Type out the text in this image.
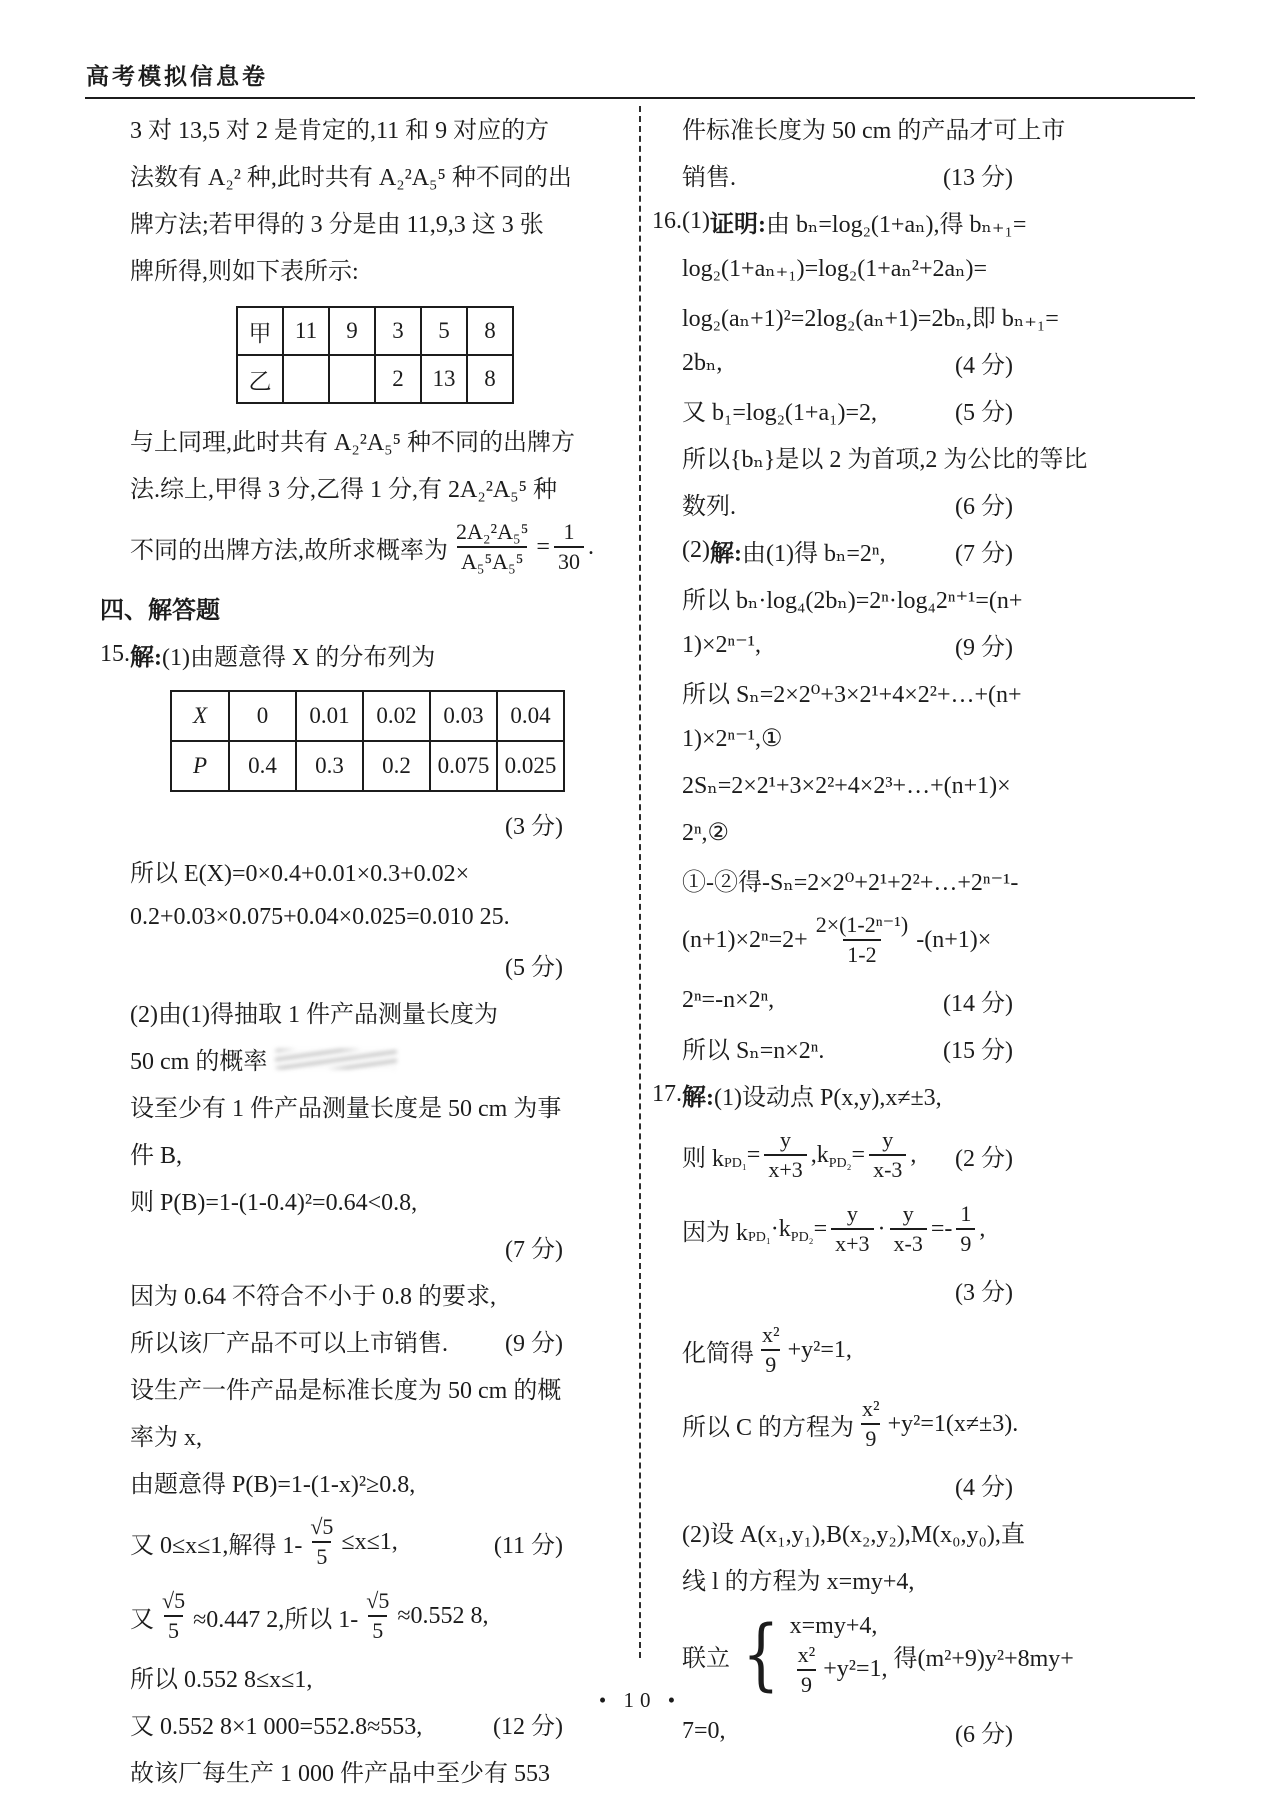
高考模拟信息卷
3 对 13,5 对 2 是肯定的,11 和 9 对应的方
法数有 A₂² 种,此时共有 A₂²A₅⁵ 种不同的出
牌方法;若甲得的 3 分是由 11,9,3 这 3 张
牌所得,则如下表所示:
甲	11	9	3	5	8
乙			2	13	8
与上同理,此时共有 A₂²A₅⁵ 种不同的出牌方
法.综上,甲得 3 分,乙得 1 分,有 2A₂²A₅⁵ 种
不同的出牌方法,故所求概率为 $\frac{\text{2A₂²A₅⁵}}{\text{A₅⁵A₅⁵}} = \frac{1}{30}$ .
四、解答题
15. 解: (1)由题意得 X 的分布列为
X	0	0.01	0.02	0.03	0.04
P	0.4	0.3	0.2	0.075	0.025
(3 分)
所以 E(X)=0×0.4+0.01×0.3+0.02×
0.2+0.03×0.075+0.04×0.025=0.010 25.
(5 分)
(2)由(1)得抽取 1 件产品测量长度为
50 cm 的概率
设至少有 1 件产品测量长度是 50 cm 为事
件 B,
则 P(B)=1-(1-0.4)²=0.64<0.8,
(7 分)
因为 0.64 不符合不小于 0.8 的要求,
所以该厂产品不可以上市销售. (9 分)
设生产一件产品是标准长度为 50 cm 的概
率为 x,
由题意得 P(B)=1-(1-x)²≥0.8,
又 0≤x≤1,解得 $1- \frac{√5}{5} \le x\le 1$,	(11 分)
又 $\frac{√5}{5} \approx 0.447$ 2,所以 $1- \frac{√5}{5} \approx 0.552$ 8,
所以 0.552 8≤x≤1,
又 0.552 8×1 000=552.8≈553,	(12 分)
故该厂每生产 1 000 件产品中至少有 553
件标准长度为 50 cm 的产品才可上市
销售.	(13 分)
16.(1) 证明: 由 bₙ=log₂(1+aₙ),得 bₙ₊₁=
log₂(1+aₙ₊₁)=log₂(1+aₙ²+2aₙ)=
log₂(aₙ+1)²=2log₂(aₙ+1)=2bₙ,即 bₙ₊₁=
2bₙ,	(4 分)
又 b₁=log₂(1+a₁)=2,	(5 分)
所以{bₙ}是以 2 为首项,2 为公比的等比
数列.	(6 分)
(2) 解: 由(1)得 bₙ=2ⁿ,	(7 分)
所以 bₙ·log₄(2bₙ)=2ⁿ·log₄2ⁿ⁺¹=(n+
1)×2ⁿ⁻¹,	(9 分)
所以 Sₙ=2×2⁰+3×2¹+4×2²+…+(n+
1)×2ⁿ⁻¹,①
2Sₙ=2×2¹+3×2²+4×2³+…+(n+1)×
2ⁿ,②
①-②得-Sₙ=2×2⁰+2¹+2²+…+2ⁿ⁻¹-
$(n+1)\times 2^n=2+ \frac{\text{2×(1-2ⁿ⁻¹)}}{1-2} -(n+1)\times$
2ⁿ=-n×2ⁿ,	(14 分)
所以 Sₙ=n×2ⁿ.	(15 分)
17. 解: (1)设动点 P(x,y),x≠±3,
则 k $PD_1 = \frac{y}{x+3} ,k$ $PD_2 = \frac{y}{x-3}$ , (2 分)
因为 k PD₁ ·k $PD_2 = \frac{y}{x+3} \cdot \frac{y}{x-3} =- \frac{1}{9}$ ,
(3 分)
化简得 $\frac{\text{x²}}{9} +y^2=1$,
所以 C 的方程为 $\frac{\text{x²}}{9} +y^2=1(x\ne\pm 3)$.
(4 分)
(2)设 A(x₁,y₁),B(x₂,y₂),M(x₀,y₀),直
线 l 的方程为 x=my+4,
联立 { x=my+4,
$\frac{\text{x²}}{9} +y^2=1$, 得(m²+9)y²+8my+
7=0,	(6 分)
• 10 •
